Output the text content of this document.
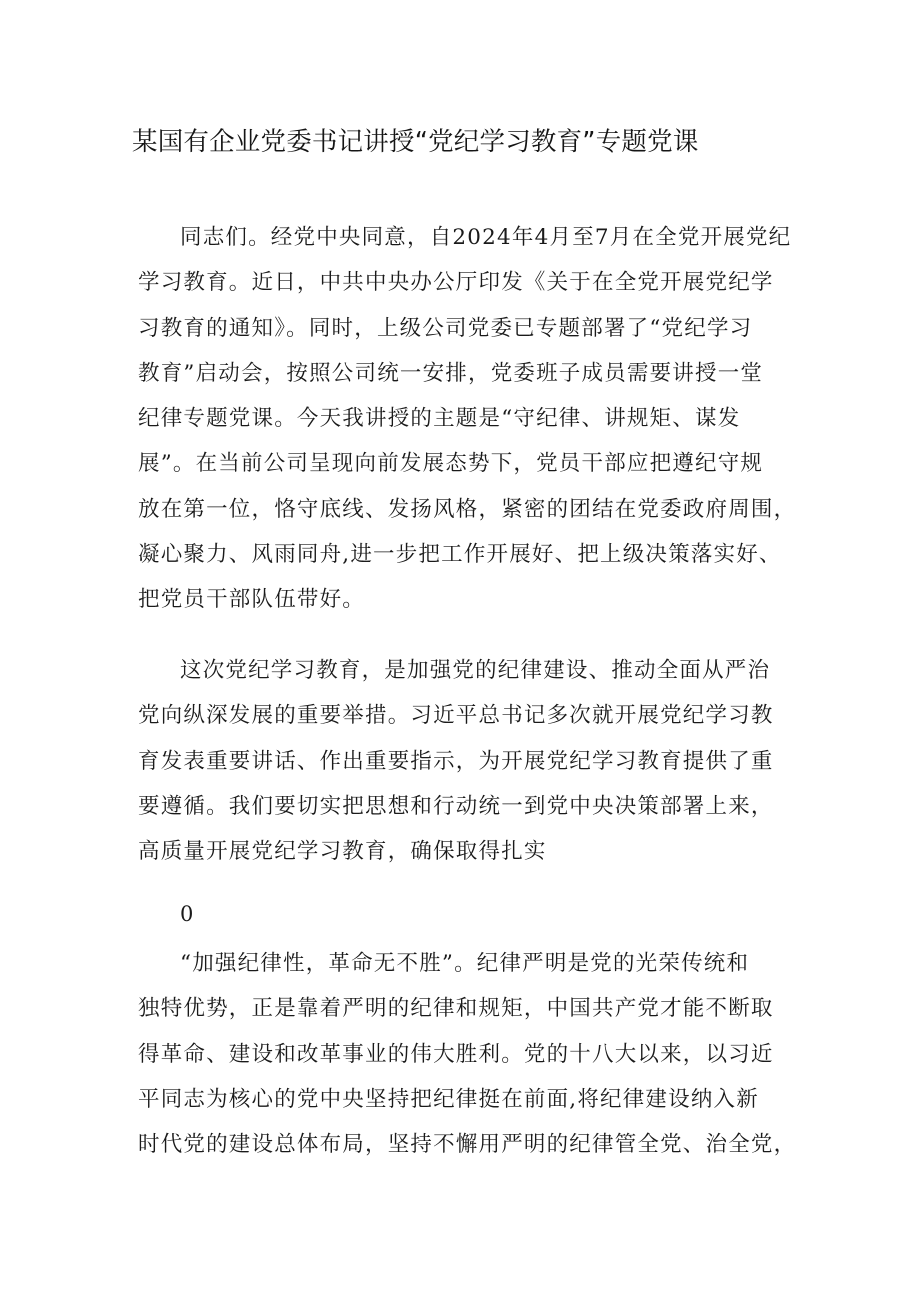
某国有企业党委书记讲授“党纪学习教育”专题党课
同志们。经党中央同意，自2024年4月至7月在全党开展党纪
学习教育。近日，中共中央办公厅印发《关于在全党开展党纪学
习教育的通知》。同时，上级公司党委已专题部署了“党纪学习
教育”启动会，按照公司统一安排，党委班子成员需要讲授一堂
纪律专题党课。今天我讲授的主题是“守纪律、讲规矩、谋发
展”。在当前公司呈现向前发展态势下，党员干部应把遵纪守规
放在第一位，恪守底线、发扬风格，紧密的团结在党委政府周围，
凝心聚力、风雨同舟,进一步把工作开展好、把上级决策落实好、
把党员干部队伍带好。
这次党纪学习教育，是加强党的纪律建设、推动全面从严治
党向纵深发展的重要举措。习近平总书记多次就开展党纪学习教
育发表重要讲话、作出重要指示，为开展党纪学习教育提供了重
要遵循。我们要切实把思想和行动统一到党中央决策部署上来，
高质量开展党纪学习教育，确保取得扎实
0
“加强纪律性，革命无不胜”。纪律严明是党的光荣传统和
独特优势，正是靠着严明的纪律和规矩，中国共产党才能不断取
得革命、建设和改革事业的伟大胜利。党的十八大以来，以习近
平同志为核心的党中央坚持把纪律挺在前面,将纪律建设纳入新
时代党的建设总体布局，坚持不懈用严明的纪律管全党、治全党，
